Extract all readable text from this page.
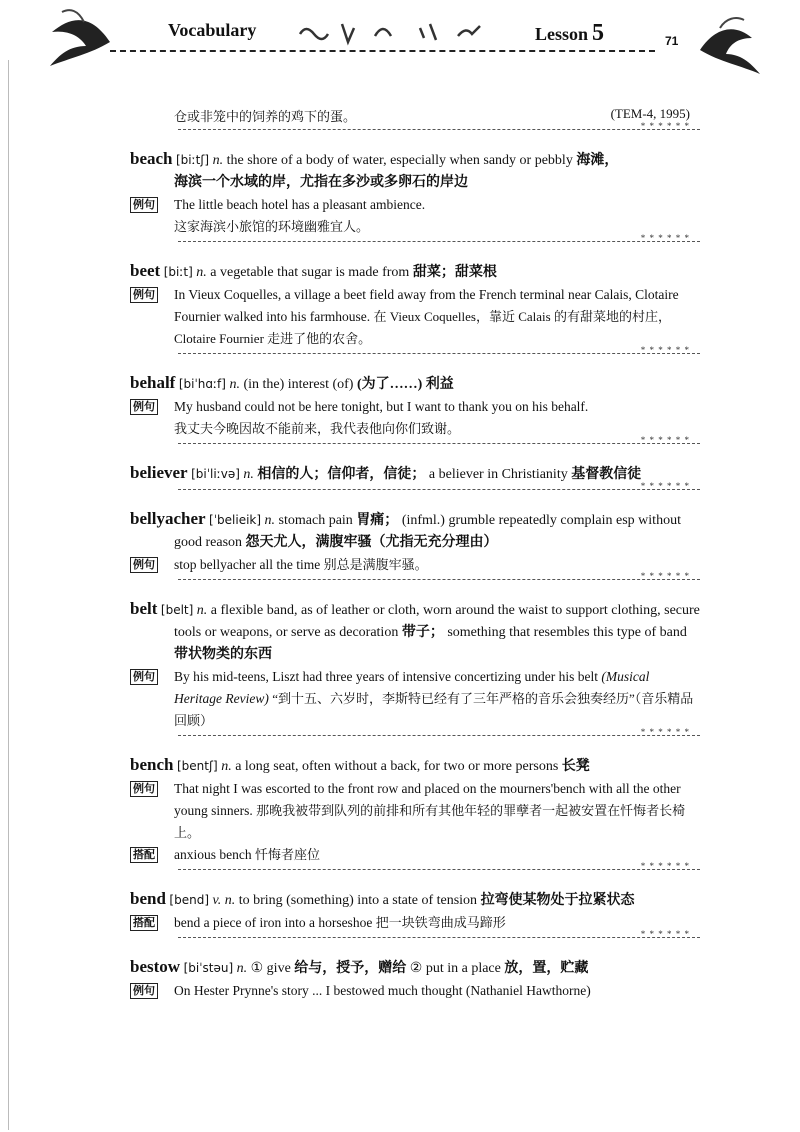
Vocabulary	Lesson 5	71
仓或非笼中的饲养的鸡下的蛋。	(TEM-4, 1995)
* * *
beach [biːtʃ] n. the shore of a body of water, especially when sandy or pebbly 海滩，
海滨一个水域的岸，尤指在多沙或多卵石的岸边
例句 The little beach hotel has a pleasant ambience.
这家海滨小旅馆的环境幽雅宜人。
* * *
beet [biːt] n. a vegetable that sugar is made from 甜菜；甜菜根
例句 In Vieux Coquelles, a village a beet field away from the French terminal near Calais, Clotaire Fournier walked into his farmhouse. 在 Vieux Coquelles，靠近 Calais 的有甜菜地的村庄，Clotaire Fournier 走进了他的农舍。
* * *
behalf [biˈhɑːf] n. (in the) interest (of) (为了……) 利益
例句 My husband could not be here tonight, but I want to thank you on his behalf.
我丈夫今晚因故不能前来，我代表他向你们致谢。
* * *
believer [biˈliːvə] n. 相信的人；信仰者，信徒； a believer in Christianity 基督教信徒
* * *
bellyacher [ˈbelieik] n. stomach pain 胃痛； (infml.) grumble repeatedly complain esp without good reason 怨天尤人，满腹牢骚（尤指无充分理由）
例句 stop bellyacher all the time 别总是满腹牢骚。
* * *
belt [belt] n. a flexible band, as of leather or cloth, worn around the waist to support clothing, secure tools or weapons, or serve as decoration 带子； something that resembles this type of band 带状物类的东西
例句 By his mid-teens, Liszt had three years of intensive concertizing under his belt (Musical Heritage Review) “到十五、六岁时，李斯特已经有了三年严格的音乐会独奏经历”（音乐精品回顾）
* * *
bench [bentʃ] n. a long seat, often without a back, for two or more persons 长凳
例句 That night I was escorted to the front row and placed on the mourners'bench with all the other young sinners. 那晚我被带到队列的前排和所有其他年轻的罪孽者一起被安置在忏悔者长椅上。
搭配 anxious bench 忏悔者座位
* * *
bend [bend] v. n. to bring (something) into a state of tension 拉弯使某物处于拉紧状态
搭配 bend a piece of iron into a horseshoe 把一块铁弯曲成马蹄形
* * *
bestow [biˈstəu] n. ① give 给与，授予，赠给 ② put in a place 放，置，贮藏
例句 On Hester Prynne's story ... I bestowed much thought (Nathaniel Hawthorne)
